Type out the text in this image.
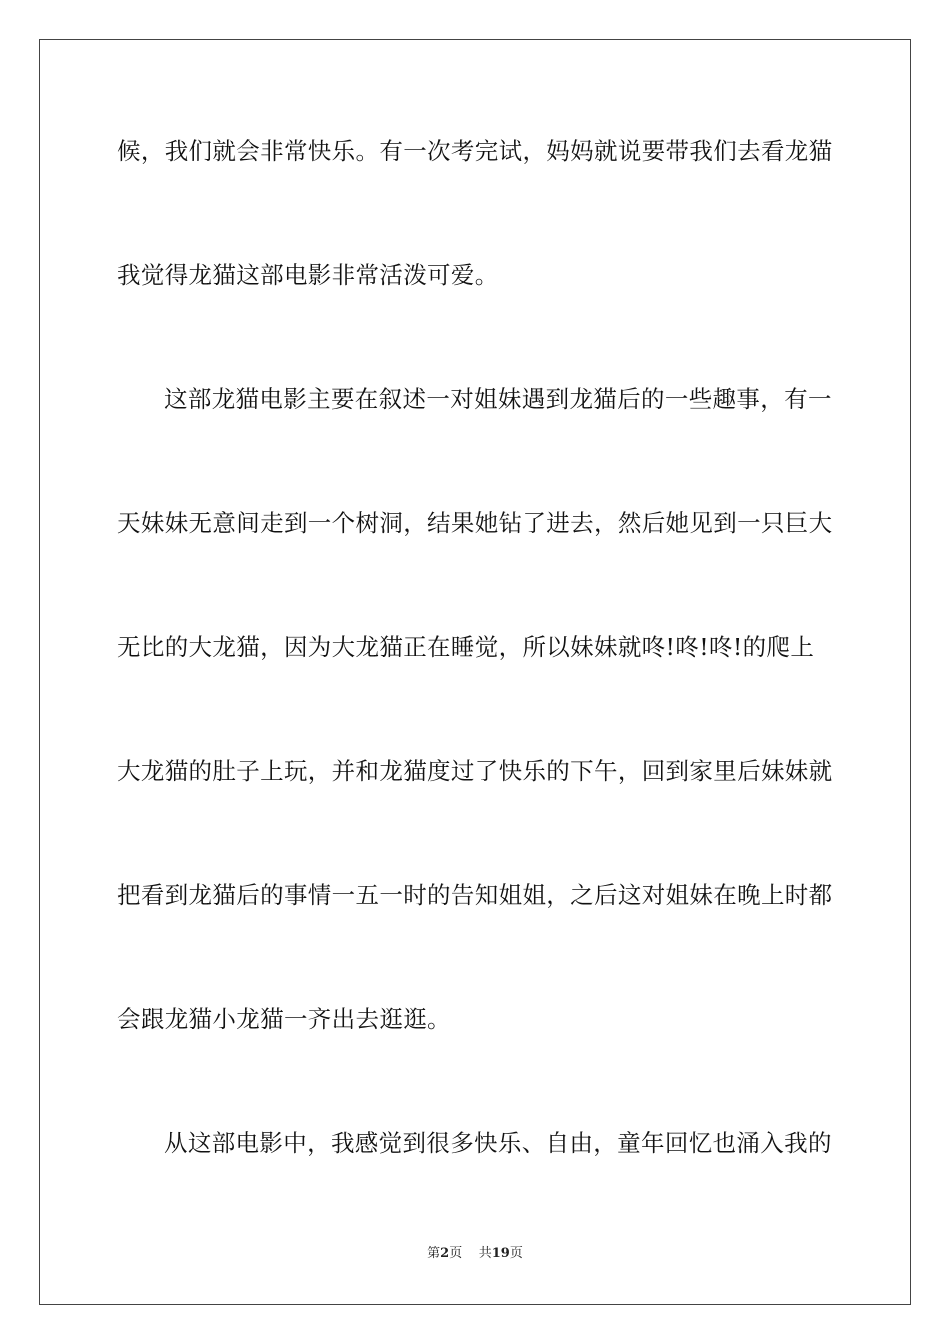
候，我们就会非常快乐。有一次考完试，妈妈就说要带我们去看龙猫
我觉得龙猫这部电影非常活泼可爱。
这部龙猫电影主要在叙述一对姐妹遇到龙猫后的一些趣事，有一
天妹妹无意间走到一个树洞，结果她钻了进去，然后她见到一只巨大
无比的大龙猫，因为大龙猫正在睡觉，所以妹妹就咚!咚!咚!的爬上
大龙猫的肚子上玩，并和龙猫度过了快乐的下午，回到家里后妹妹就
把看到龙猫后的事情一五一时的告知姐姐，之后这对姐妹在晚上时都
会跟龙猫小龙猫一齐出去逛逛。
从这部电影中，我感觉到很多快乐、自由，童年回忆也涌入我的
第2页 共19页
